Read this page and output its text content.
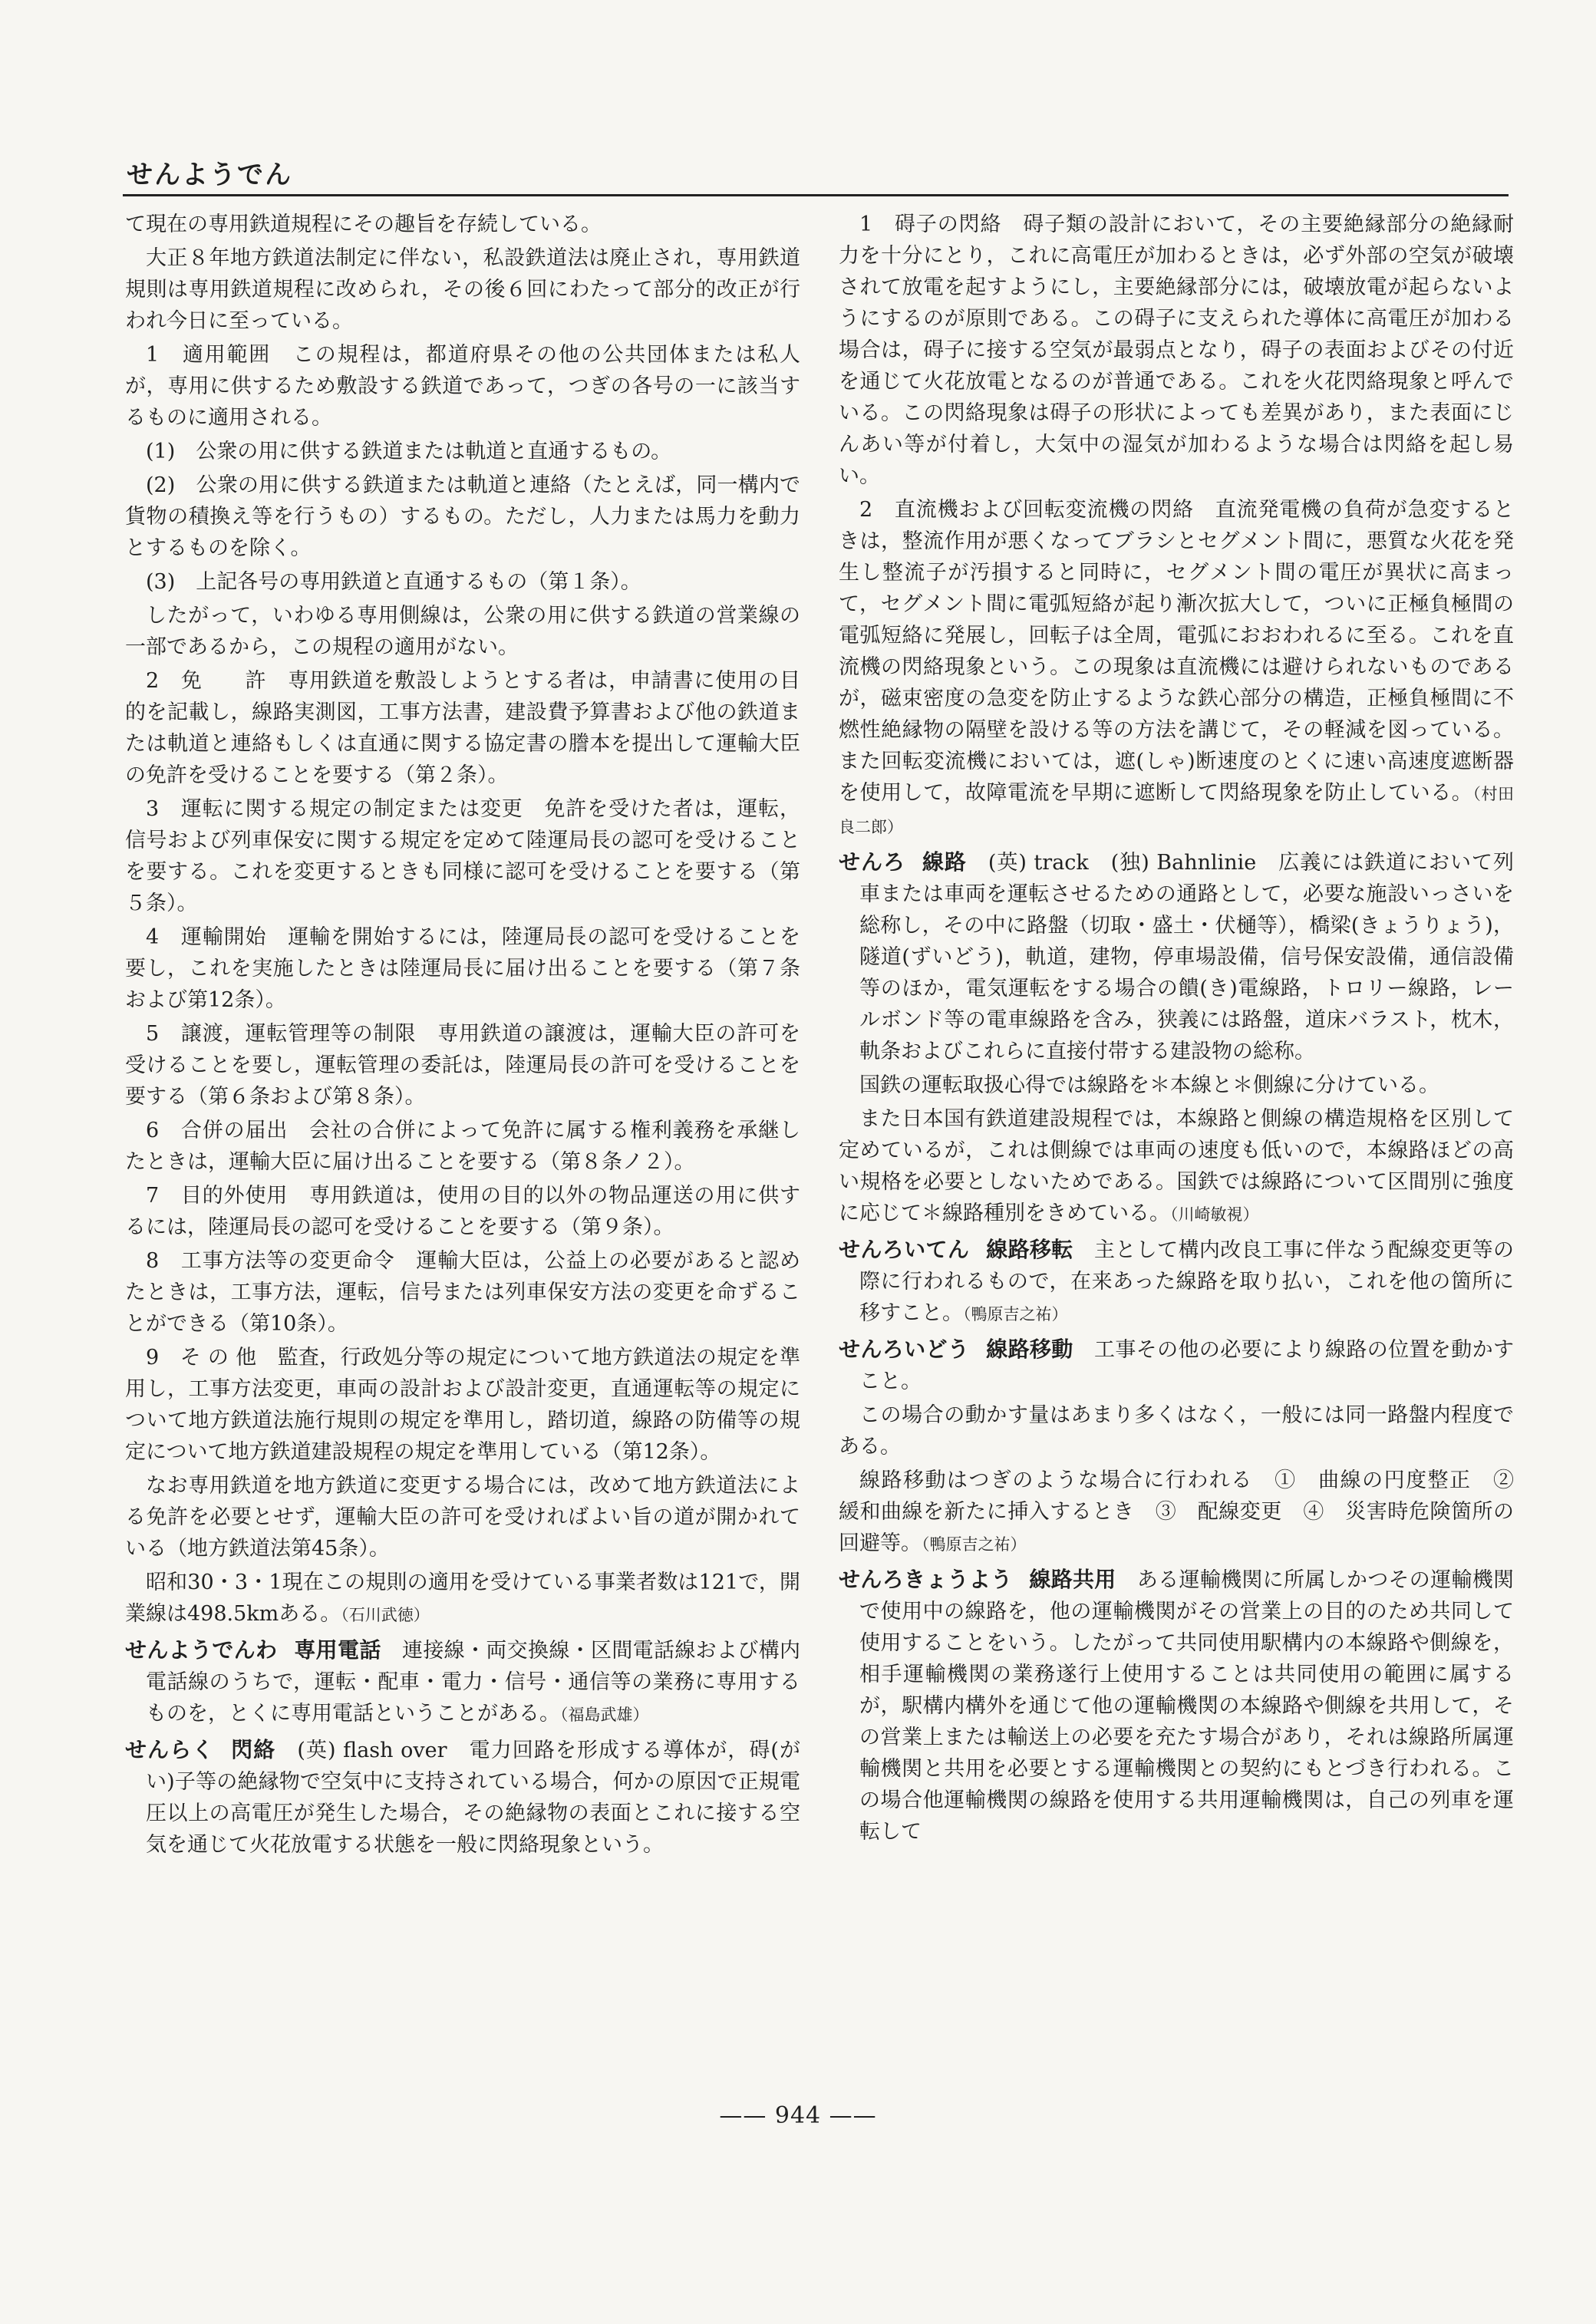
せんようでん

て現在の専用鉄道規程にその趣旨を存続している。

大正８年地方鉄道法制定に伴ない，私設鉄道法は廃止され，専用鉄道規則は専用鉄道規程に改められ，その後６回にわたって部分的改正が行われ今日に至っている。

1　適用範囲　この規程は，都道府県その他の公共団体または私人が，専用に供するため敷設する鉄道であって，つぎの各号の一に該当するものに適用される。

(1)　公衆の用に供する鉄道または軌道と直通するもの。

(2)　公衆の用に供する鉄道または軌道と連絡（たとえば，同一構内で貨物の積換え等を行うもの）するもの。ただし，人力または馬力を動力とするものを除く。

(3)　上記各号の専用鉄道と直通するもの（第１条）。

したがって，いわゆる専用側線は，公衆の用に供する鉄道の営業線の一部であるから，この規程の適用がない。

2　免　　許　専用鉄道を敷設しようとする者は，申請書に使用の目的を記載し，線路実測図，工事方法書，建設費予算書および他の鉄道または軌道と連絡もしくは直通に関する協定書の謄本を提出して運輸大臣の免許を受けることを要する（第２条）。

3　運転に関する規定の制定または変更　免許を受けた者は，運転，信号および列車保安に関する規定を定めて陸運局長の認可を受けることを要する。これを変更するときも同様に認可を受けることを要する（第５条）。

4　運輸開始　運輸を開始するには，陸運局長の認可を受けることを要し，これを実施したときは陸運局長に届け出ることを要する（第７条および第12条）。

5　譲渡，運転管理等の制限　専用鉄道の譲渡は，運輸大臣の許可を受けることを要し，運転管理の委託は，陸運局長の許可を受けることを要する（第６条および第８条）。

6　合併の届出　会社の合併によって免許に属する権利義務を承継したときは，運輸大臣に届け出ることを要する（第８条ノ２）。

7　目的外使用　専用鉄道は，使用の目的以外の物品運送の用に供するには，陸運局長の認可を受けることを要する（第９条）。

8　工事方法等の変更命令　運輸大臣は，公益上の必要があると認めたときは，工事方法，運転，信号または列車保安方法の変更を命ずることができる（第10条）。

9　そ の 他　監査，行政処分等の規定について地方鉄道法の規定を準用し，工事方法変更，車両の設計および設計変更，直通運転等の規定について地方鉄道法施行規則の規定を準用し，踏切道，線路の防備等の規定について地方鉄道建設規程の規定を準用している（第12条）。

なお専用鉄道を地方鉄道に変更する場合には，改めて地方鉄道法による免許を必要とせず，運輸大臣の許可を受ければよい旨の道が開かれている（地方鉄道法第45条）。

昭和30・3・1現在この規則の適用を受けている事業者数は121で，開業線は498.5kmある。（石川武徳）

せんようでんわ 専用電話　連接線・両交換線・区間電話線および構内電話線のうちで，運転・配車・電力・信号・通信等の業務に専用するものを，とくに専用電話ということがある。（福島武雄）

せんらく 閃絡　(英) flash over　電力回路を形成する導体が，碍(がい)子等の絶縁物で空気中に支持されている場合，何かの原因で正規電圧以上の高電圧が発生した場合，その絶縁物の表面とこれに接する空気を通じて火花放電する状態を一般に閃絡現象という。

1　碍子の閃絡　碍子類の設計において，その主要絶縁部分の絶縁耐力を十分にとり，これに高電圧が加わるときは，必ず外部の空気が破壊されて放電を起すようにし，主要絶縁部分には，破壊放電が起らないようにするのが原則である。この碍子に支えられた導体に高電圧が加わる場合は，碍子に接する空気が最弱点となり，碍子の表面およびその付近を通じて火花放電となるのが普通である。これを火花閃絡現象と呼んでいる。この閃絡現象は碍子の形状によっても差異があり，また表面にじんあい等が付着し，大気中の湿気が加わるような場合は閃絡を起し易い。

2　直流機および回転変流機の閃絡　直流発電機の負荷が急変するときは，整流作用が悪くなってブラシとセグメント間に，悪質な火花を発生し整流子が汚損すると同時に，セグメント間の電圧が異状に高まって，セグメント間に電弧短絡が起り漸次拡大して，ついに正極負極間の電弧短絡に発展し，回転子は全周，電弧におおわれるに至る。これを直流機の閃絡現象という。この現象は直流機には避けられないものであるが，磁束密度の急変を防止するような鉄心部分の構造，正極負極間に不燃性絶縁物の隔壁を設ける等の方法を講じて，その軽減を図っている。また回転変流機においては，遮(しゃ)断速度のとくに速い高速度遮断器を使用して，故障電流を早期に遮断して閃絡現象を防止している。（村田良二郎）

せんろ 線路　(英) track　(独) Bahnlinie　広義には鉄道において列車または車両を運転させるための通路として，必要な施設いっさいを総称し，その中に路盤（切取・盛土・伏樋等），橋梁(きょうりょう)，隧道(ずいどう)，軌道，建物，停車場設備，信号保安設備，通信設備等のほか，電気運転をする場合の饋(き)電線路，トロリー線路，レールボンド等の電車線路を含み，狭義には路盤，道床バラスト，枕木，軌条およびこれらに直接付帯する建設物の総称。

国鉄の運転取扱心得では線路を＊本線と＊側線に分けている。

また日本国有鉄道建設規程では，本線路と側線の構造規格を区別して定めているが，これは側線では車両の速度も低いので，本線路ほどの高い規格を必要としないためである。国鉄では線路について区間別に強度に応じて＊線路種別をきめている。（川崎敏視）

せんろいてん 線路移転　主として構内改良工事に伴なう配線変更等の際に行われるもので，在来あった線路を取り払い，これを他の箇所に移すこと。（鴨原吉之祐）

せんろいどう 線路移動　工事その他の必要により線路の位置を動かすこと。

この場合の動かす量はあまり多くはなく，一般には同一路盤内程度である。

線路移動はつぎのような場合に行われる　①　曲線の円度整正　②　緩和曲線を新たに挿入するとき　③　配線変更　④　災害時危険箇所の回避等。（鴨原吉之祐）

せんろきょうよう 線路共用　ある運輸機関に所属しかつその運輸機関で使用中の線路を，他の運輸機関がその営業上の目的のため共同して使用することをいう。したがって共同使用駅構内の本線路や側線を，相手運輸機関の業務遂行上使用することは共同使用の範囲に属するが，駅構内構外を通じて他の運輸機関の本線路や側線を共用して，その営業上または輸送上の必要を充たす場合があり，それは線路所属運輸機関と共用を必要とする運輸機関との契約にもとづき行われる。この場合他運輸機関の線路を使用する共用運輸機関は，自己の列車を運転して

—— 944 ——
